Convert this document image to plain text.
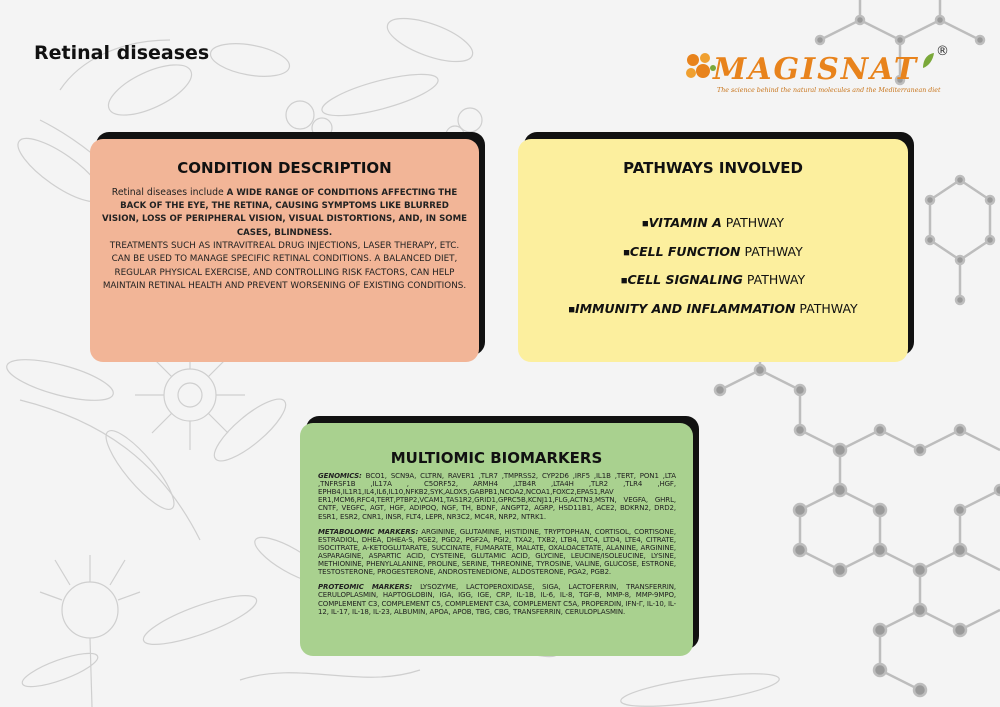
Retinal diseases	MAGISNAT
®
The science behind the natural molecules and the Mediterranean diet
CONDITION DESCRIPTION
Retinal diseases include A WIDE RANGE OF CONDITIONS AFFECTING THE BACK OF THE EYE, THE RETINA, CAUSING SYMPTOMS LIKE BLURRED VISION, LOSS OF PERIPHERAL VISION, VISUAL DISTORTIONS, AND, IN SOME CASES, BLINDNESS.
TREATMENTS SUCH AS INTRAVITREAL DRUG INJECTIONS, LASER THERAPY, ETC. CAN BE USED TO MANAGE SPECIFIC RETINAL CONDITIONS. A BALANCED DIET, REGULAR PHYSICAL EXERCISE, AND CONTROLLING RISK FACTORS, CAN HELP MAINTAIN RETINAL HEALTH AND PREVENT WORSENING OF EXISTING CONDITIONS.
PATHWAYS INVOLVED
■VITAMIN A PATHWAY
■CELL FUNCTION PATHWAY
■CELL SIGNALING PATHWAY
■IMMUNITY AND INFLAMMATION PATHWAY
MULTIOMIC BIOMARKERS

GENOMICS: BCO1, SCN9A, CLTRN, RAVER1 ,TLR7 ,TMPRSS2, CYP2D6 ,IRF5 ,IL1B ,TERT, PON1 ,LTA ,TNFRSF1B ,IL17A , C5ORF52, ARMH4 ,LTB4R ,LTA4H ,TLR2 ,TLR4 ,HGF, EPHB4,IL1R1,IL4,IL6,IL10,NFKB2,SYK,ALOX5,GABPB1,NCOA2,NCOA1,FOXC2,EPAS1,RAV ER1,MCM6,RFC4,TERT,PTBP2,VCAM1,TAS1R2,GRID1,GPRC5B,KCNJ11,FLG,ACTN3,MSTN, VEGFA, GHRL, CNTF, VEGFC, AGT, HGF, ADIPOQ, NGF, TH, BDNF, ANGPT2, AGRP, HSD11B1, ACE2, BDKRN2, DRD2, ESR1, ESR2, CNR1, INSR, FLT4, LEPR, NR3C2, MC4R, NRP2, NTRK1.

METABOLOMIC MARKERS: ARGININE, GLUTAMINE, HISTIDINE, TRYPTOPHAN, CORTISOL, CORTISONE, ESTRADIOL, DHEA, DHEA-S, PGE2, PGD2, PGF2A, PGI2, TXA2, TXB2, LTB4, LTC4, LTD4, LTE4, CITRATE, ISOCITRATE, A-KETOGLUTARATE, SUCCINATE, FUMARATE, MALATE, OXALOACETATE, ALANINE, ARGININE, ASPARAGINE, ASPARTIC ACID, CYSTEINE, GLUTAMIC ACID, GLYCINE, LEUCINE/ISOLEUCINE, LYSINE, METHIONINE, PHENYLALANINE, PROLINE, SERINE, THREONINE, TYROSINE, VALINE, GLUCOSE, ESTRONE, TESTOSTERONE, PROGESTERONE, ANDROSTENEDIONE, ALDOSTERONE, PGA2, PGB2.

PROTEOMIC MARKERS: LYSOZYME, LACTOPEROXIDASE, SIGA, LACTOFERRIN, TRANSFERRIN, CERULOPLASMIN, HAPTOGLOBIN, IGA, IGG, IGE, CRP, IL-1B, IL-6, IL-8, TGF-B, MMP-8, MMP-9MPO, COMPLEMENT C3, COMPLEMENT C5, COMPLEMENT C3A, COMPLEMENT C5A, PROPERDIN, IFN-Γ, IL-10, IL-12, IL-17, IL-18, IL-23, ALBUMIN, APOA, APOB, TBG, CBG, TRANSFERRIN, CERULOPLASMIN.
